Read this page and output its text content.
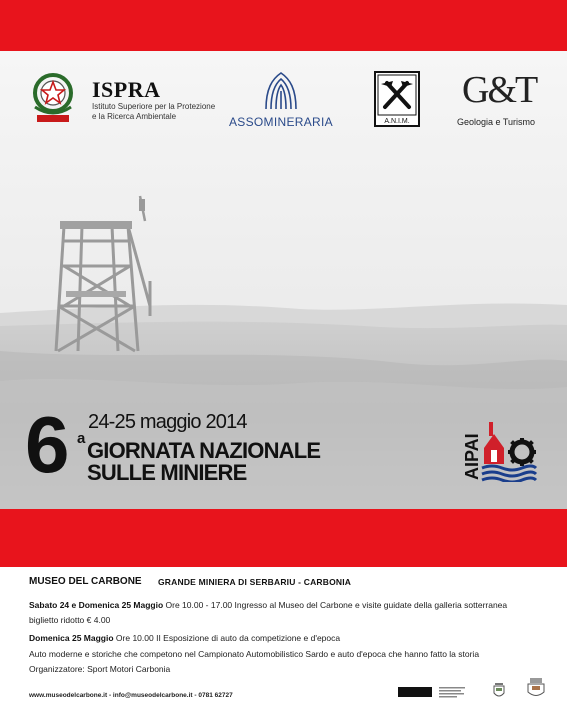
ISPRA
Istituto Superiore per la Protezione
e la Ricerca Ambientale	ASSOMINERARIA	A.N.I.M.
G&T
Geologia e Turismo
6 a
24-25 maggio 2014
GIORNATA NAZIONALE
SULLE MINIERE	AIPAI
MUSEO DEL CARBONE GRANDE MINIERA DI SERBARIU - CARBONIA
Sabato 24 e Domenica 25 Maggio Ore 10.00 - 17.00 Ingresso al Museo del Carbone e visite guidate della galleria sotterranea
biglietto ridotto € 4.00
Domenica 25 Maggio Ore 10.00 II Esposizione di auto da competizione e d'epoca
Auto moderne e storiche che competono nel Campionato Automobilistico Sardo e auto d'epoca che hanno fatto la storia
Organizzatore: Sport Motori Carbonia
www.museodelcarbone.it - info@museodelcarbone.it - 0781 62727
